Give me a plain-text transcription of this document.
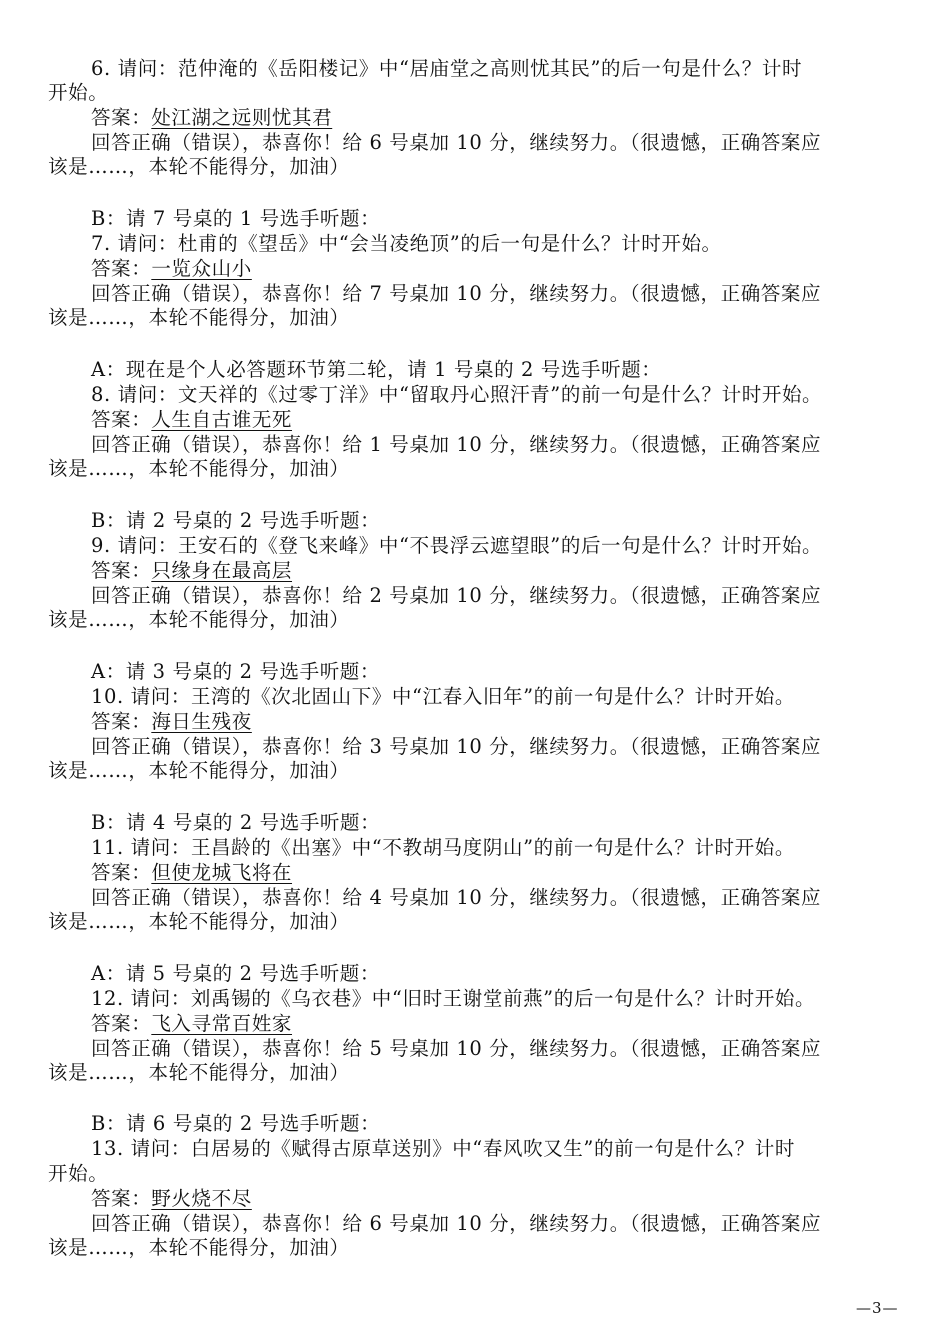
6. 请问：范仲淹的《岳阳楼记》中“居庙堂之高则忧其民”的后一句是什么？计时
开始。
答案：处江湖之远则忧其君
回答正确（错误），恭喜你！给 6 号桌加 10 分，继续努力。（很遗憾，正确答案应
该是……，本轮不能得分，加油）
B：请 7 号桌的 1 号选手听题：
7. 请问：杜甫的《望岳》中“会当凌绝顶”的后一句是什么？计时开始。
答案：一览众山小
回答正确（错误），恭喜你！给 7 号桌加 10 分，继续努力。（很遗憾，正确答案应
该是……，本轮不能得分，加油）
A：现在是个人必答题环节第二轮，请 1 号桌的 2 号选手听题：
8. 请问：文天祥的《过零丁洋》中“留取丹心照汗青”的前一句是什么？计时开始。
答案：人生自古谁无死
回答正确（错误），恭喜你！给 1 号桌加 10 分，继续努力。（很遗憾，正确答案应
该是……，本轮不能得分，加油）
B：请 2 号桌的 2 号选手听题：
9. 请问：王安石的《登飞来峰》中“不畏浮云遮望眼”的后一句是什么？计时开始。
答案：只缘身在最高层
回答正确（错误），恭喜你！给 2 号桌加 10 分，继续努力。（很遗憾，正确答案应
该是……，本轮不能得分，加油）
A：请 3 号桌的 2 号选手听题：
10. 请问：王湾的《次北固山下》中“江春入旧年”的前一句是什么？计时开始。
答案：海日生残夜
回答正确（错误），恭喜你！给 3 号桌加 10 分，继续努力。（很遗憾，正确答案应
该是……，本轮不能得分，加油）
B：请 4 号桌的 2 号选手听题：
11. 请问：王昌龄的《出塞》中“不教胡马度阴山”的前一句是什么？计时开始。
答案：但使龙城飞将在
回答正确（错误），恭喜你！给 4 号桌加 10 分，继续努力。（很遗憾，正确答案应
该是……，本轮不能得分，加油）
A：请 5 号桌的 2 号选手听题：
12. 请问：刘禹锡的《乌衣巷》中“旧时王谢堂前燕”的后一句是什么？计时开始。
答案：飞入寻常百姓家
回答正确（错误），恭喜你！给 5 号桌加 10 分，继续努力。（很遗憾，正确答案应
该是……，本轮不能得分，加油）
B：请 6 号桌的 2 号选手听题：
13. 请问：白居易的《赋得古原草送别》中“春风吹又生”的前一句是什么？计时
开始。
答案：野火烧不尽
回答正确（错误），恭喜你！给 6 号桌加 10 分，继续努力。（很遗憾，正确答案应
该是……，本轮不能得分，加油）
—3—
